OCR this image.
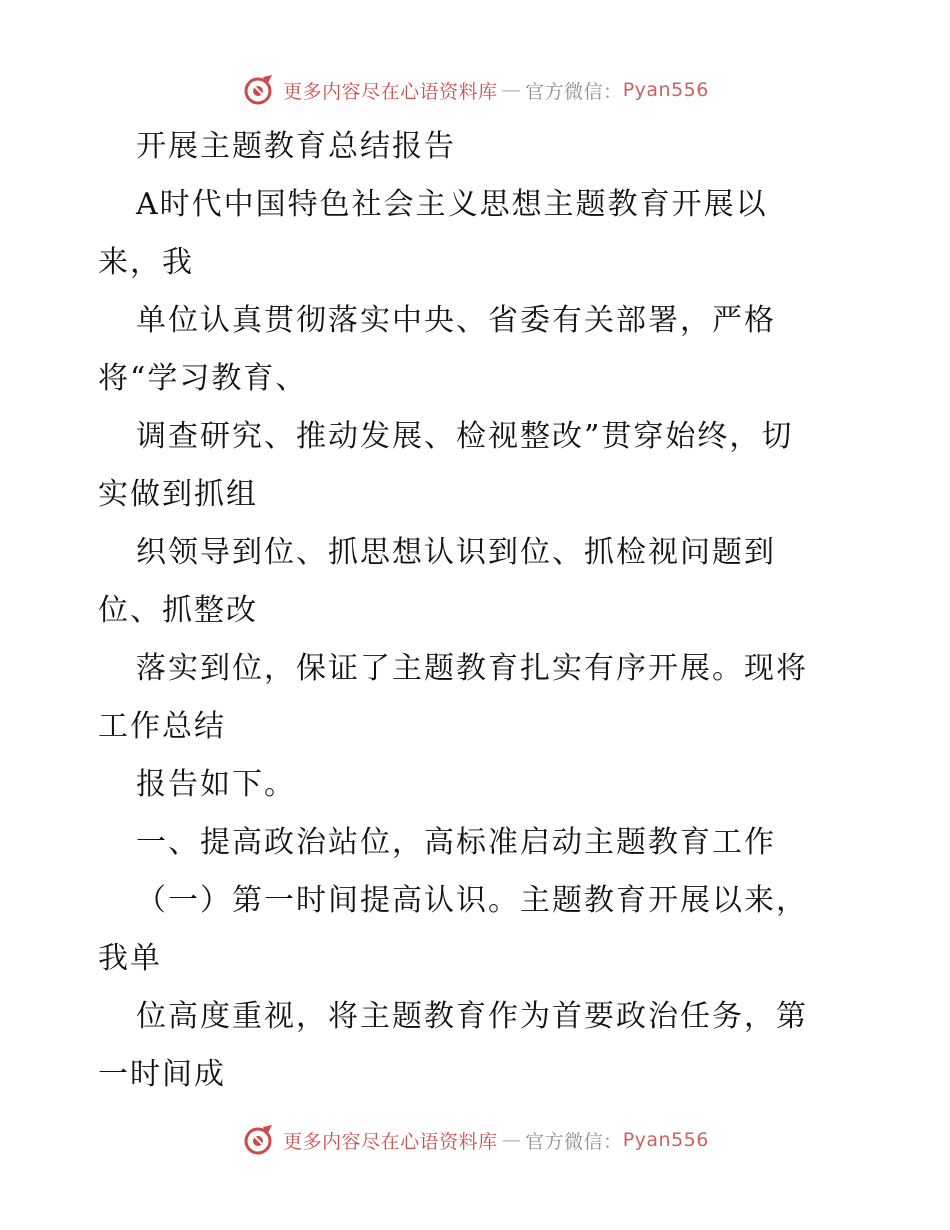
更多内容尽在心语资料库 — 官方微信： Pyan556
开展主题教育总结报告
A时代中国特色社会主义思想主题教育开展以
来，我
单位认真贯彻落实中央、省委有关部署，严格
将“学习教育、
调查研究、推动发展、检视整改”贯穿始终，切
实做到抓组
织领导到位、抓思想认识到位、抓检视问题到
位、抓整改
落实到位，保证了主题教育扎实有序开展。现将
工作总结
报告如下。
一、提高政治站位，高标准启动主题教育工作
（一）第一时间提高认识。主题教育开展以来，
我单
位高度重视，将主题教育作为首要政治任务，第
一时间成
更多内容尽在心语资料库 — 官方微信： Pyan556
